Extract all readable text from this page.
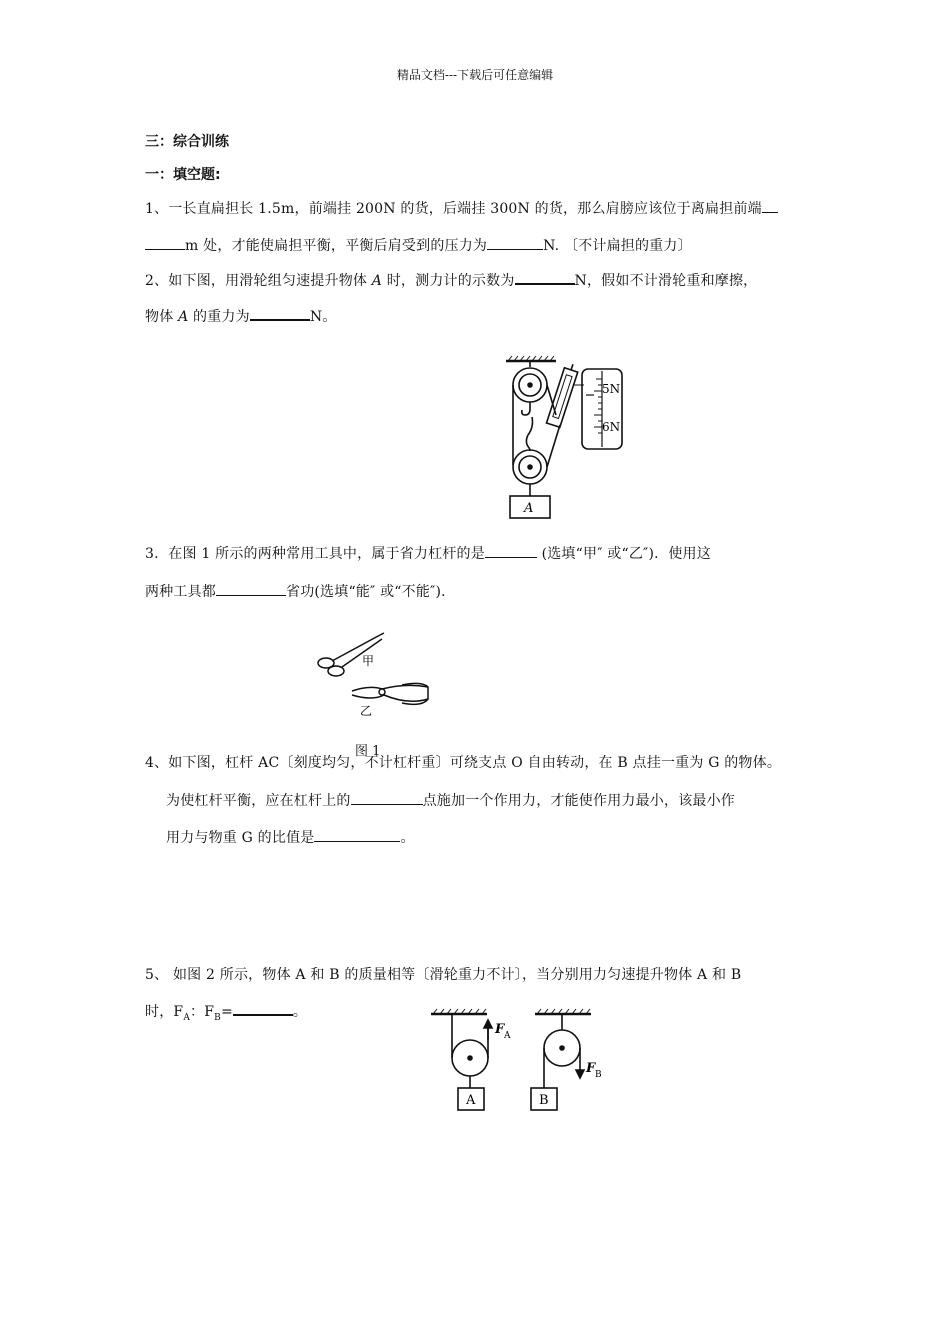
精品文档---下载后可任意编辑
三：综合训练
一：填空题:
1、一长直扁担长 1.5m，前端挂 200N 的货，后端挂 300N 的货，那么肩膀应该位于离扁担前端
m 处，才能使扁担平衡，平衡后肩受到的压力为	N. 〔不计扁担的重力〕
2、如下图，用滑轮组匀速提升物体 A 时，测力计的示数为	N，假如不计滑轮重和摩擦，
物体 A 的重力为	N。
5N
6N
A
3．在图 1 所示的两种常用工具中，属于省力杠杆的是	(选填“甲″ 或“乙″)．使用这
两种工具都	省功(选填“能″ 或“不能″)．
甲
乙
图 1
4、如下图，杠杆 AC〔刻度均匀，不计杠杆重〕可绕支点 O 自由转动，在 B 点挂一重为 G 的物体。
为使杠杆平衡，应在杠杆上的	点施加一个作用力，才能使作用力最小，该最小作
用力与物重 G 的比值是	。
5、 如图 2 所示，物体 A 和 B 的质量相等〔滑轮重力不计〕，当分别用力匀速提升物体 A 和 B
时，$F_A$：$F_B=$	。
A	B
F A
F B
